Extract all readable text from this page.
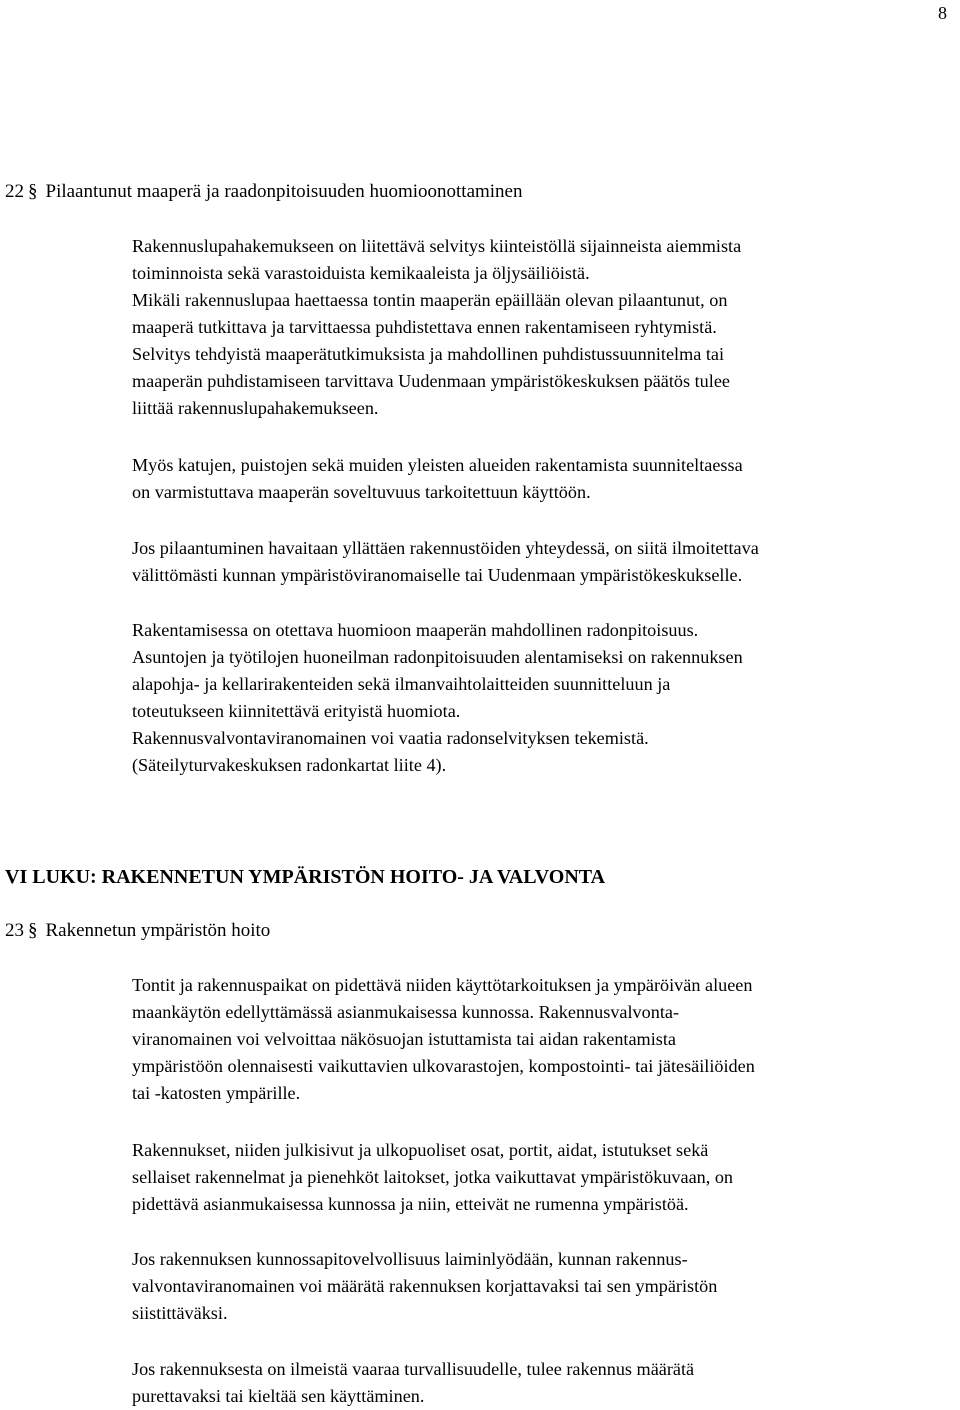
8
22 § Pilaantunut maaperä ja raadonpitoisuuden huomioonottaminen
Rakennuslupahakemukseen on liitettävä selvitys kiinteistöllä sijainneista aiemmista
toiminnoista sekä varastoiduista kemikaaleista ja öljysäiliöistä.
Mikäli rakennuslupaa haettaessa tontin maaperän epäillään olevan pilaantunut, on
maaperä tutkittava ja tarvittaessa puhdistettava ennen rakentamiseen ryhtymistä.
Selvitys tehdyistä maaperätutkimuksista ja mahdollinen puhdistussuunnitelma tai
maaperän puhdistamiseen tarvittava Uudenmaan ympäristökeskuksen päätös tulee
liittää rakennuslupahakemukseen.
Myös katujen, puistojen sekä muiden yleisten alueiden rakentamista suunniteltaessa
on varmistuttava maaperän soveltuvuus tarkoitettuun käyttöön.
Jos pilaantuminen havaitaan yllättäen rakennustöiden yhteydessä, on siitä ilmoitettava
välittömästi kunnan ympäristöviranomaiselle tai Uudenmaan ympäristökeskukselle.
Rakentamisessa on otettava huomioon maaperän mahdollinen radonpitoisuus.
Asuntojen ja työtilojen huoneilman radonpitoisuuden alentamiseksi on rakennuksen
alapohja- ja kellarirakenteiden sekä ilmanvaihtolaitteiden suunnitteluun ja
toteutukseen kiinnitettävä erityistä huomiota.
Rakennusvalvontaviranomainen voi vaatia radonselvityksen tekemistä.
(Säteilyturvakeskuksen radonkartat liite 4).
VI LUKU: RAKENNETUN YMPÄRISTÖN HOITO- JA VALVONTA
23 § Rakennetun ympäristön hoito
Tontit ja rakennuspaikat on pidettävä niiden käyttötarkoituksen ja ympäröivän alueen
maankäytön edellyttämässä asianmukaisessa kunnossa. Rakennusvalvonta-
viranomainen voi velvoittaa näkösuojan istuttamista tai aidan rakentamista
ympäristöön olennaisesti vaikuttavien ulkovarastojen, kompostointi- tai jätesäiliöiden
tai -katosten ympärille.
Rakennukset, niiden julkisivut ja ulkopuoliset osat, portit, aidat, istutukset sekä
sellaiset rakennelmat ja pienehköt laitokset, jotka vaikuttavat ympäristökuvaan, on
pidettävä asianmukaisessa kunnossa ja niin, etteivät ne rumenna ympäristöä.
Jos rakennuksen kunnossapitovelvollisuus laiminlyödään, kunnan rakennus-
valvontaviranomainen voi määrätä rakennuksen korjattavaksi tai sen ympäristön
siistittäväksi.
Jos rakennuksesta on ilmeistä vaaraa turvallisuudelle, tulee rakennus määrätä
purettavaksi tai kieltää sen käyttäminen.
